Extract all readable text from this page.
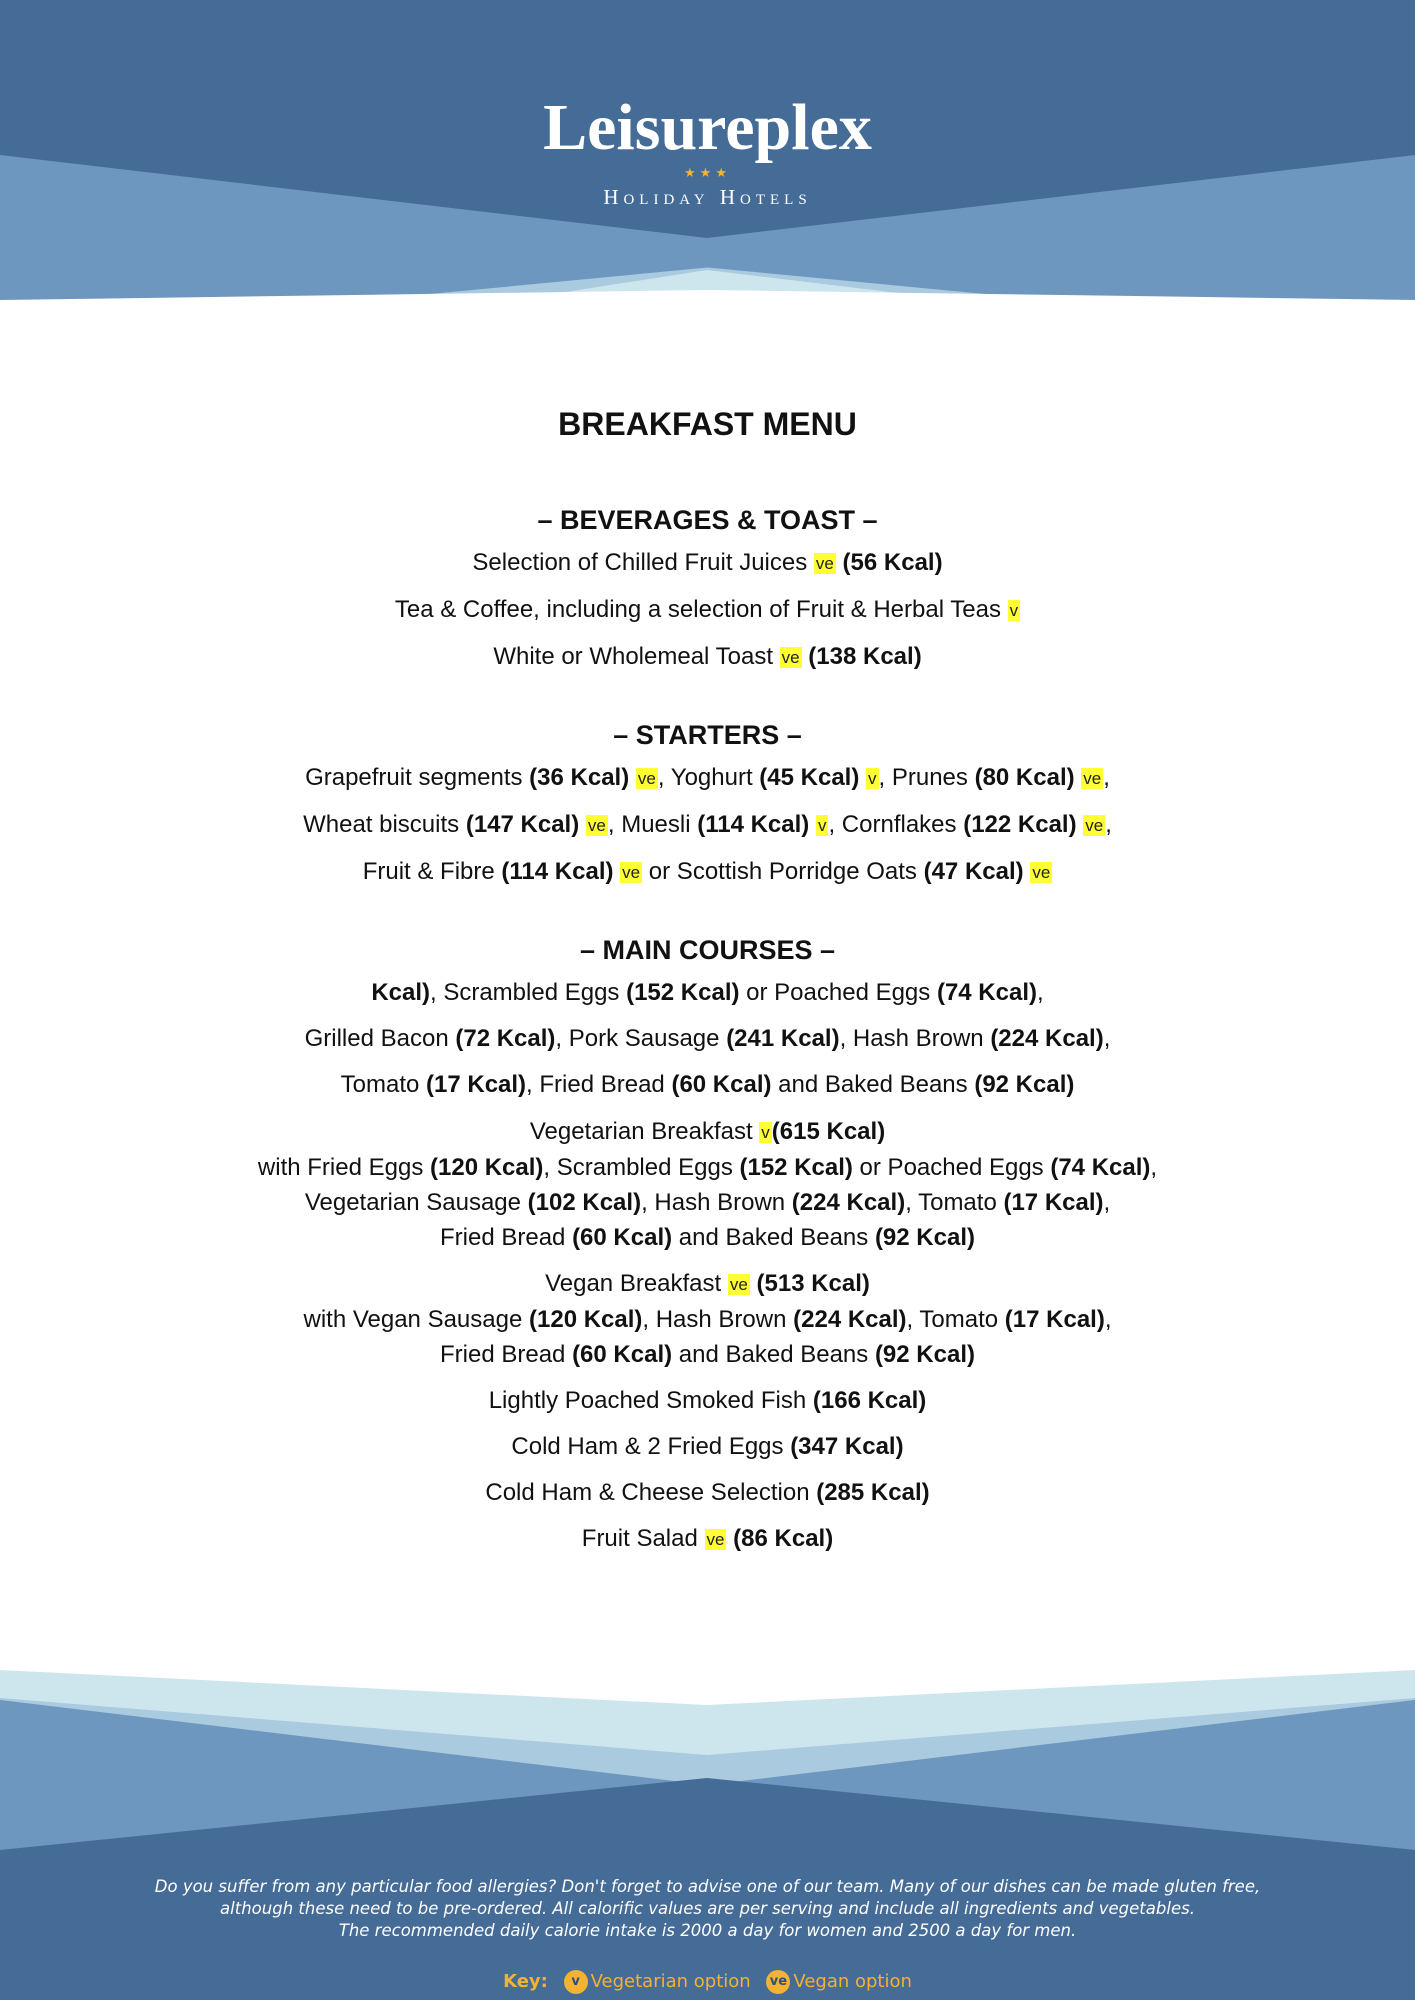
Leisureplex
★★★
Holiday Hotels
BREAKFAST MENU
– BEVERAGES & TOAST –
Selection of Chilled Fruit Juices ve (56 Kcal)
Tea & Coffee, including a selection of Fruit & Herbal Teas v
White or Wholemeal Toast ve (138 Kcal)
– STARTERS –
Grapefruit segments (36 Kcal) ve, Yoghurt (45 Kcal) v, Prunes (80 Kcal) ve,
Wheat biscuits (147 Kcal) ve, Muesli (114 Kcal) v, Cornflakes (122 Kcal) ve,
Fruit & Fibre (114 Kcal) ve or Scottish Porridge Oats (47 Kcal) ve
– MAIN COURSES –
Kcal), Scrambled Eggs (152 Kcal) or Poached Eggs (74 Kcal),
Grilled Bacon (72 Kcal), Pork Sausage (241 Kcal), Hash Brown (224 Kcal),
Tomato (17 Kcal), Fried Bread (60 Kcal) and Baked Beans (92 Kcal)
Vegetarian Breakfast v(615 Kcal)
with Fried Eggs (120 Kcal), Scrambled Eggs (152 Kcal) or Poached Eggs (74 Kcal),
Vegetarian Sausage (102 Kcal), Hash Brown (224 Kcal), Tomato (17 Kcal),
Fried Bread (60 Kcal) and Baked Beans (92 Kcal)
Vegan Breakfast ve (513 Kcal)
with Vegan Sausage (120 Kcal), Hash Brown (224 Kcal), Tomato (17 Kcal),
Fried Bread (60 Kcal) and Baked Beans (92 Kcal)
Lightly Poached Smoked Fish (166 Kcal)
Cold Ham & 2 Fried Eggs (347 Kcal)
Cold Ham & Cheese Selection (285 Kcal)
Fruit Salad ve (86 Kcal)
Do you suffer from any particular food allergies? Don't forget to advise one of our team. Many of our dishes can be made gluten free,
although these need to be pre-ordered. All calorific values are per serving and include all ingredients and vegetables.
The recommended daily calorie intake is 2000 a day for women and 2500 a day for men.
Key: v Vegetarian option ve Vegan option
